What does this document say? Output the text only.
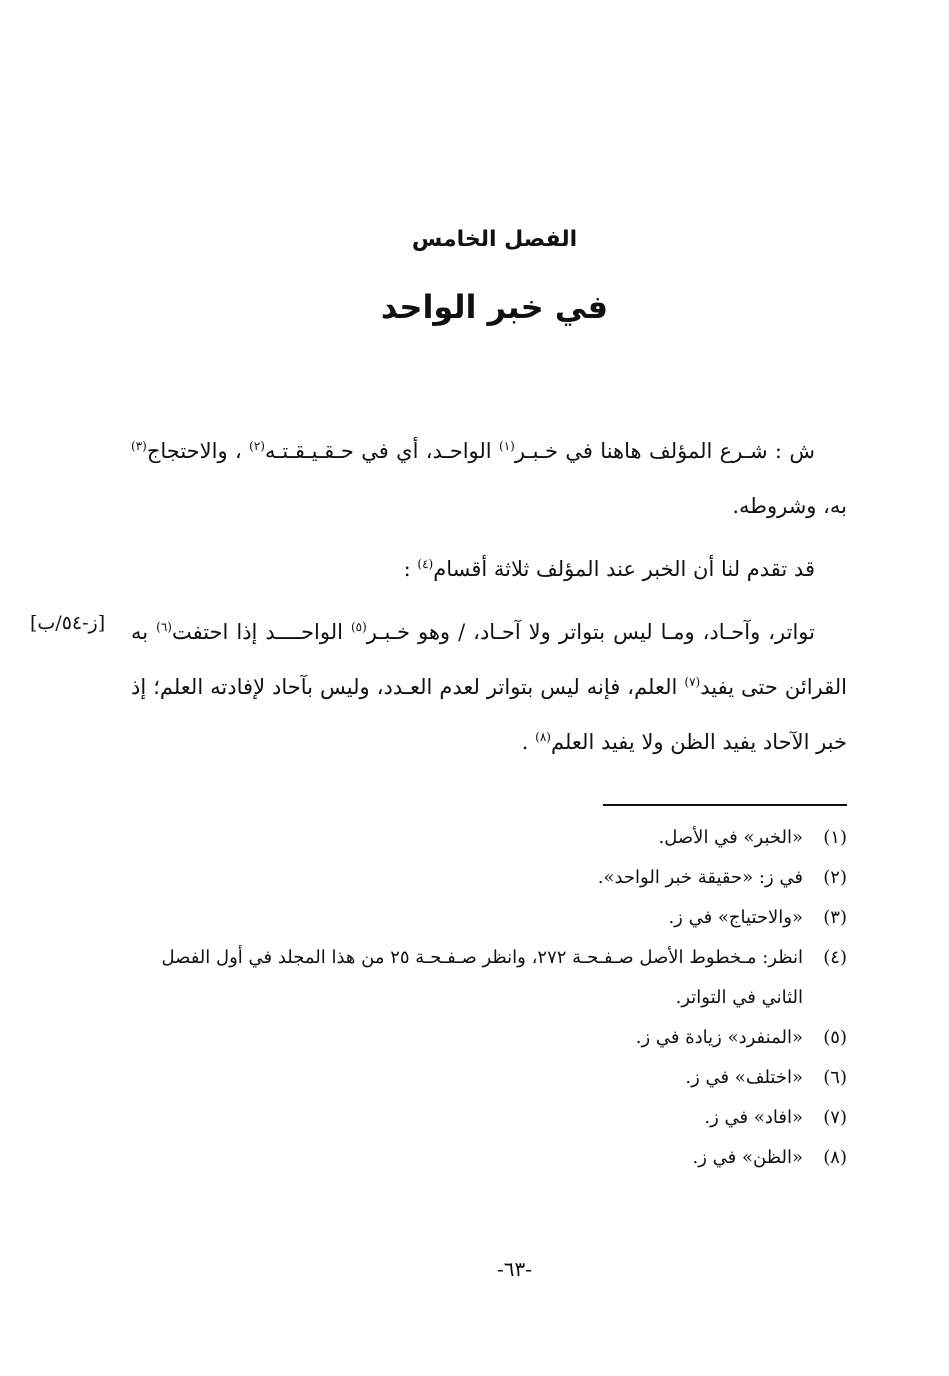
الفصل الخامس
في خبر الواحد

ش : شـرع المؤلف هاهنا في خـبـر$^{(١)}$ الواحـد، أي في حـقـيـقـتـه$^{(٢)}$ ، والاحتجاج$^{(٣)}$ به، وشروطه.

قد تقدم لنا أن الخبر عند المؤلف ثلاثة أقسام$^{(٤)}$ :

تواتر، وآحـاد، ومـا ليس بتواتر ولا آحـاد، / وهو خـبـر$^{(٥)}$ الواحــــد إذا احتفت$^{(٦)}$ به القرائن حتى يفيد$^{(٧)}$ العلم، فإنه ليس بتواتر لعدم العـدد، وليس بآحاد لإفادته العلم؛ إذ خبر الآحاد يفيد الظن ولا يفيد العلم$^{(٨)}$ .

[ز-٥٤/ب]
(١)
«الخبر» في الأصل.
(٢)
في ز: «حقيقة خبر الواحد».
(٣)
«والاحتياج» في ز.
(٤)
انظر: مـخطوط الأصل صـفـحـة ٢٧٢، وانظر صـفـحـة ٢٥ من هذا المجلد في أول الفصل الثاني في التواتر.
(٥)
«المنفرد» زيادة في ز.
(٦)
«اختلف» في ز.
(٧)
«افاد» في ز.
(٨)
«الظن» في ز.
-٦٣-
